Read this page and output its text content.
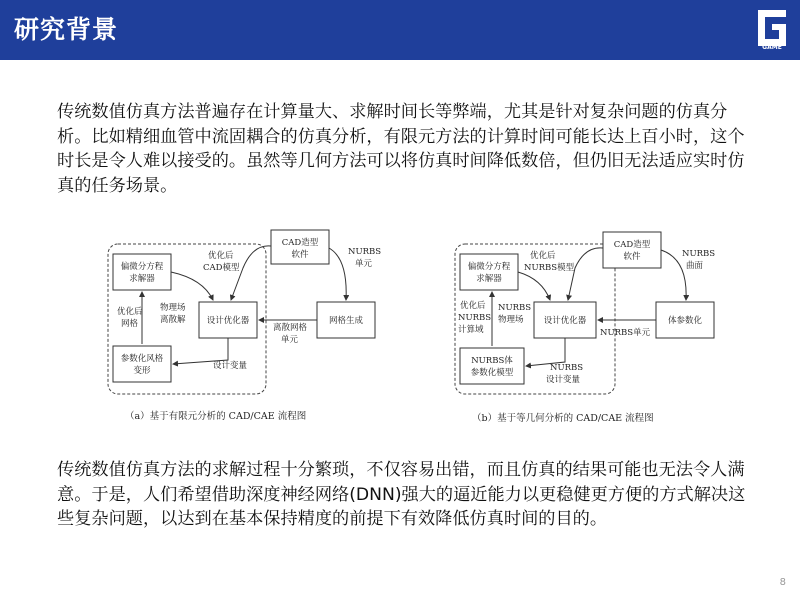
研究背景
GAME
传统数值仿真方法普遍存在计算量大、求解时间长等弊端，尤其是针对复杂问题的仿真分析。比如精细血管中流固耦合的仿真分析，有限元方法的计算时间可能长达上百小时，这个时长是令人难以接受的。虽然等几何方法可以将仿真时间降低数倍，但仍旧无法适应实时仿真的任务场景。
CAD造型
软件	NURBS
单元
偏微分方程
求解器
优化后
CAD模型
物理场
离散解
优化后
网格	设计优化器
离散网格
单元
网格生成
参数化风格
变形	设计变量
（a）基于有限元分析的 CAD/CAE 流程图
CAD造型
软件	NURBS
曲面
偏微分方程
求解器
优化后
NURBS模型
NURBS
物理场
优化后
NURBS
计算域
设计优化器
NURBS单元
体参数化
NURBS体
参数化模型	NURBS
设计变量
（b）基于等几何分析的 CAD/CAE 流程图
传统数值仿真方法的求解过程十分繁琐，不仅容易出错，而且仿真的结果可能也无法令人满意。于是，人们希望借助深度神经网络(DNN)强大的逼近能力以更稳健更方便的方式解决这些复杂问题，以达到在基本保持精度的前提下有效降低仿真时间的目的。
8
